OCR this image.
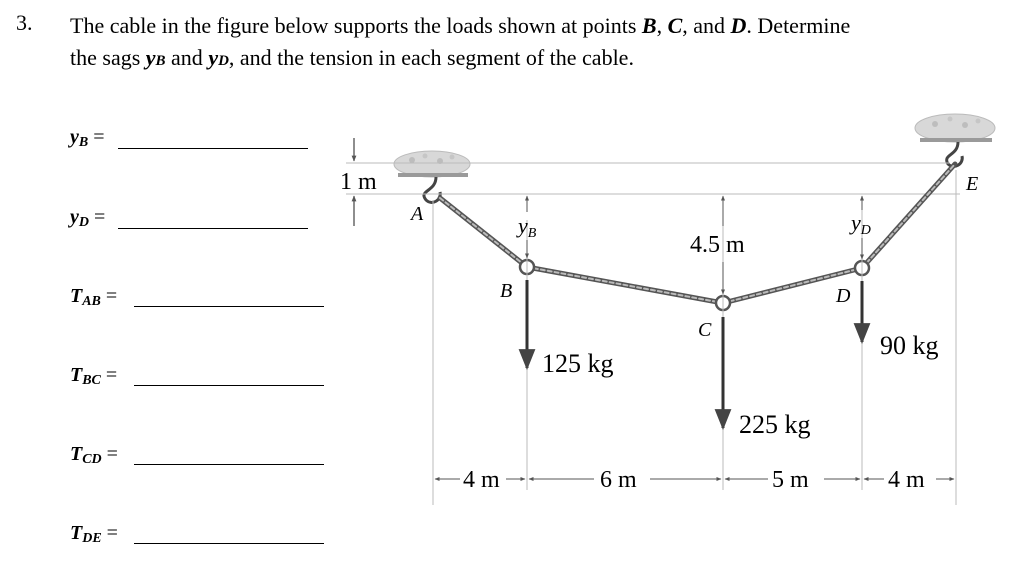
3. The cable in the figure below supports the loads shown at points B, C, and D. Determine
the sags yB and yD, and the tension in each segment of the cable.
$y_B$ =
$y_D$ =
$T_{AB}$ =
$T_{BC}$ =
$T_{CD}$ =
$T_{DE}$ =
1 m
A
B
C
D
E
yB	yD
4.5 m
125 kg
225 kg
90 kg
4 m	6 m	5 m	4 m
